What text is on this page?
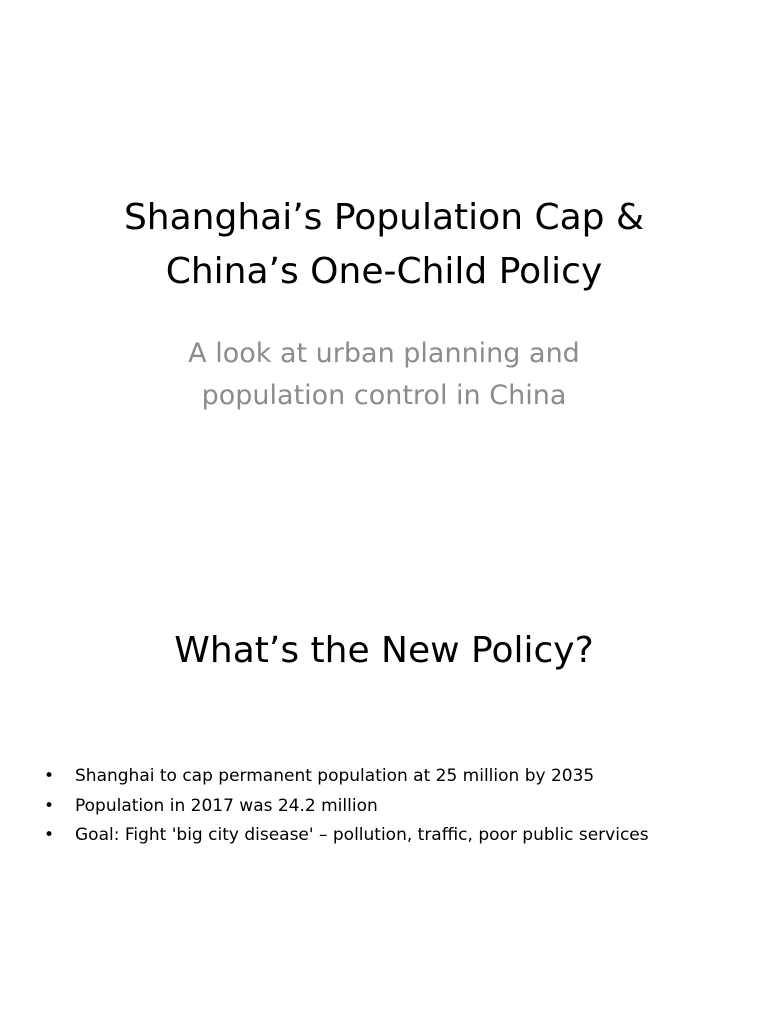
Shanghai’s Population Cap &
China’s One-Child Policy

A look at urban planning and
population control in China

What’s the New Policy?
• Shanghai to cap permanent population at 25 million by 2035
• Population in 2017 was 24.2 million
• Goal: Fight 'big city disease' – pollution, traffic, poor public services
